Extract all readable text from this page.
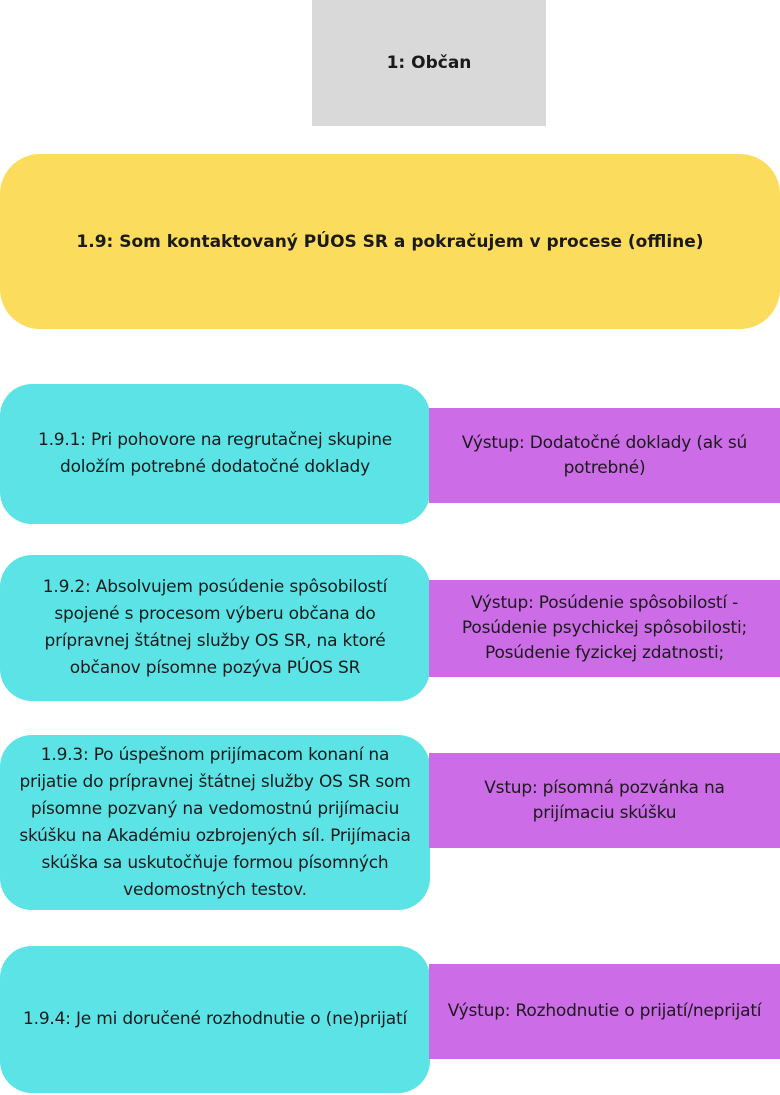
1: Občan
1.9: Som kontaktovaný PÚOS SR a pokračujem v procese (offline)
1.9.1: Pri pohovore na regrutačnej skupine doložím potrebné dodatočné doklady
Výstup: Dodatočné doklady (ak sú potrebné)
1.9.2: Absolvujem posúdenie spôsobilostí spojené s procesom výberu občana do prípravnej štátnej služby OS SR, na ktoré občanov písomne pozýva PÚOS SR
Výstup: Posúdenie spôsobilostí - Posúdenie psychickej spôsobilosti; Posúdenie fyzickej zdatnosti;
1.9.3: Po úspešnom prijímacom konaní na prijatie do prípravnej štátnej služby OS SR som písomne pozvaný na vedomostnú prijímaciu skúšku na Akadémiu ozbrojených síl. Prijímacia skúška sa uskutočňuje formou písomných vedomostných testov.
Vstup: písomná pozvánka na prijímaciu skúšku
1.9.4: Je mi doručené rozhodnutie o (ne)prijatí Výstup: Rozhodnutie o prijatí/neprijatí
